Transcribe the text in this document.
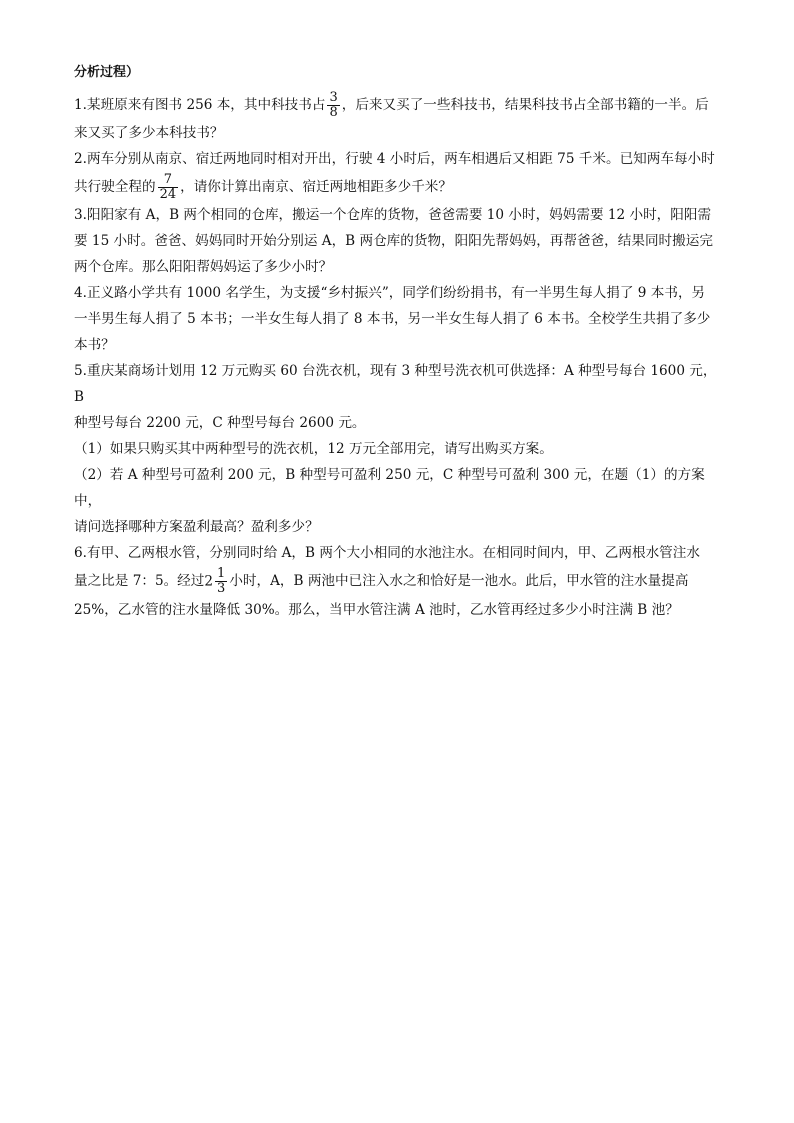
分析过程）
1.某班原来有图书 256 本，其中科技书占 $\frac{3}{8}$ ，后来又买了一些科技书，结果科技书占全部书籍的一半。后
来又买了多少本科技书？
2.两车分别从南京、宿迁两地同时相对开出，行驶 4 小时后，两车相遇后又相距 75 千米。已知两车每小时
共行驶全程的 $\frac{7}{24}$ ，请你计算出南京、宿迁两地相距多少千米？
3.阳阳家有 A，B 两个相同的仓库，搬运一个仓库的货物，爸爸需要 10 小时，妈妈需要 12 小时，阳阳需
要 15 小时。爸爸、妈妈同时开始分别运 A，B 两仓库的货物，阳阳先帮妈妈，再帮爸爸，结果同时搬运完
两个仓库。那么阳阳帮妈妈运了多少小时？
4.正义路小学共有 1000 名学生，为支援“乡村振兴”，同学们纷纷捐书，有一半男生每人捐了 9 本书，另
一半男生每人捐了 5 本书；一半女生每人捐了 8 本书，另一半女生每人捐了 6 本书。全校学生共捐了多少
本书？
5.重庆某商场计划用 12 万元购买 60 台洗衣机，现有 3 种型号洗衣机可供选择：A 种型号每台 1600 元，B
种型号每台 2200 元，C 种型号每台 2600 元。
（1）如果只购买其中两种型号的洗衣机，12 万元全部用完，请写出购买方案。
（2）若 A 种型号可盈利 200 元，B 种型号可盈利 250 元，C 种型号可盈利 300 元，在题（1）的方案中，
请问选择哪种方案盈利最高？盈利多少？
6.有甲、乙两根水管，分别同时给 A，B 两个大小相同的水池注水。在相同时间内，甲、乙两根水管注水
量之比是 7：5。经过$2 \frac{1}{3}$ 小时，A，B 两池中已注入水之和恰好是一池水。此后，甲水管的注水量提高
25%，乙水管的注水量降低 30%。那么，当甲水管注满 A 池时，乙水管再经过多少小时注满 B 池？
